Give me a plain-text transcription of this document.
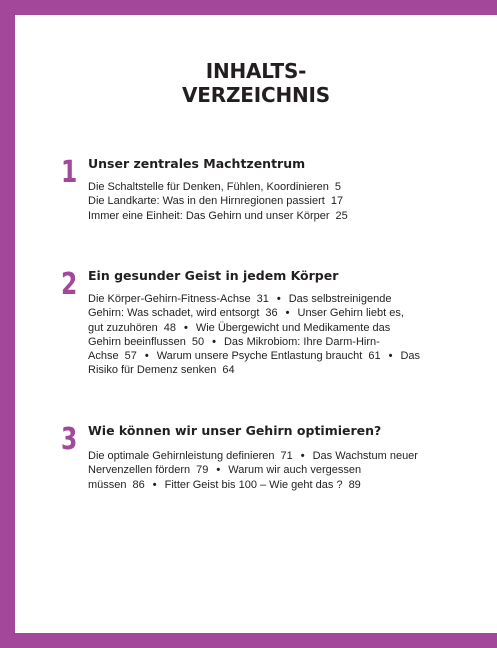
INHALTS-
VERZEICHNIS
1 Unser zentrales Machtzentrum
Die Schaltstelle für Denken, Fühlen, Koordinieren 5
Die Landkarte: Was in den Hirnregionen passiert 17
Immer eine Einheit: Das Gehirn und unser Körper 25
2 Ein gesunder Geist in jedem Körper
Die Körper-Gehirn-Fitness-Achse 31 • Das selbstreinigende Gehirn: Was schadet, wird entsorgt 36 • Unser Gehirn liebt es, gut zuzuhören 48 • Wie Übergewicht und Medikamente das Gehirn beeinflussen 50 • Das Mikrobiom: Ihre Darm-Hirn-Achse 57 • Warum unsere Psyche Entlastung braucht 61 • Das Risiko für Demenz senken 64
3 Wie können wir unser Gehirn optimieren?
Die optimale Gehirnleistung definieren 71 • Das Wachstum neuer Nervenzellen fördern 79 • Warum wir auch vergessen müssen 86 • Fitter Geist bis 100 – Wie geht das ? 89
